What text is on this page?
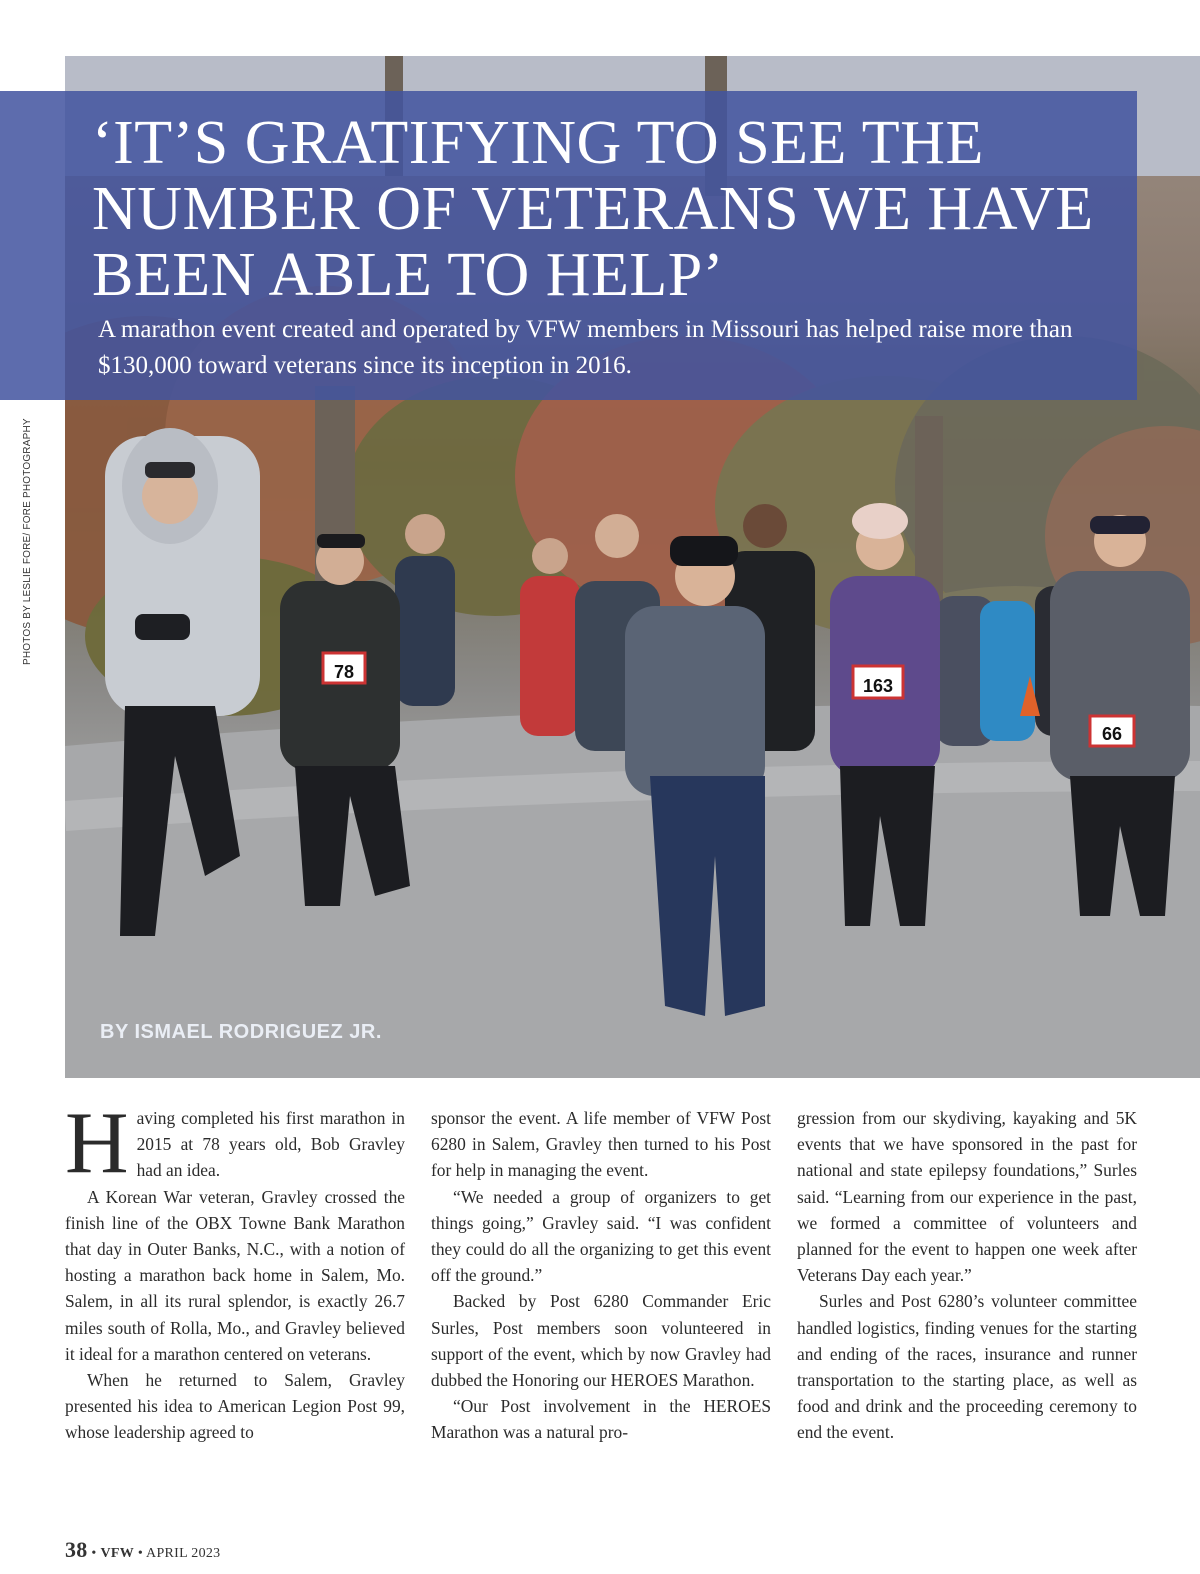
78
163
66
‘IT’S GRATIFYING TO SEE THE NUMBER OF VETERANS WE HAVE BEEN ABLE TO HELP’

A marathon event created and operated by VFW members in Missouri has helped raise more than $130,000 toward veterans since its inception in 2016.

PHOTOS BY LESLIE FORE/ FORE PHOTOGRAPHY
BY ISMAEL RODRIGUEZ JR.

Having completed his first marathon in 2015 at 78 years old, Bob Gravley had an idea.

A Korean War veteran, Gravley crossed the finish line of the OBX Towne Bank Marathon that day in Outer Banks, N.C., with a notion of hosting a marathon back home in Salem, Mo. Salem, in all its rural splendor, is exactly 26.7 miles south of Rolla, Mo., and Gravley believed it ideal for a marathon centered on veterans.

When he returned to Salem, Gravley presented his idea to American Legion Post 99, whose leadership agreed to

sponsor the event. A life member of VFW Post 6280 in Salem, Gravley then turned to his Post for help in managing the event.

“We needed a group of organizers to get things going,” Gravley said. “I was confident they could do all the organizing to get this event off the ground.”

Backed by Post 6280 Commander Eric Surles, Post members soon volunteered in support of the event, which by now Gravley had dubbed the Honoring our HEROES Marathon.

“Our Post involvement in the HEROES Marathon was a natural pro-

gression from our skydiving, kayaking and 5K events that we have sponsored in the past for national and state epilepsy foundations,” Surles said. “Learning from our experience in the past, we formed a committee of volunteers and planned for the event to happen one week after Veterans Day each year.”

Surles and Post 6280’s volunteer committee handled logistics, finding venues for the starting and ending of the races, insurance and runner transportation to the starting place, as well as food and drink and the proceeding ceremony to end the event.

38 • VFW • APRIL 2023
